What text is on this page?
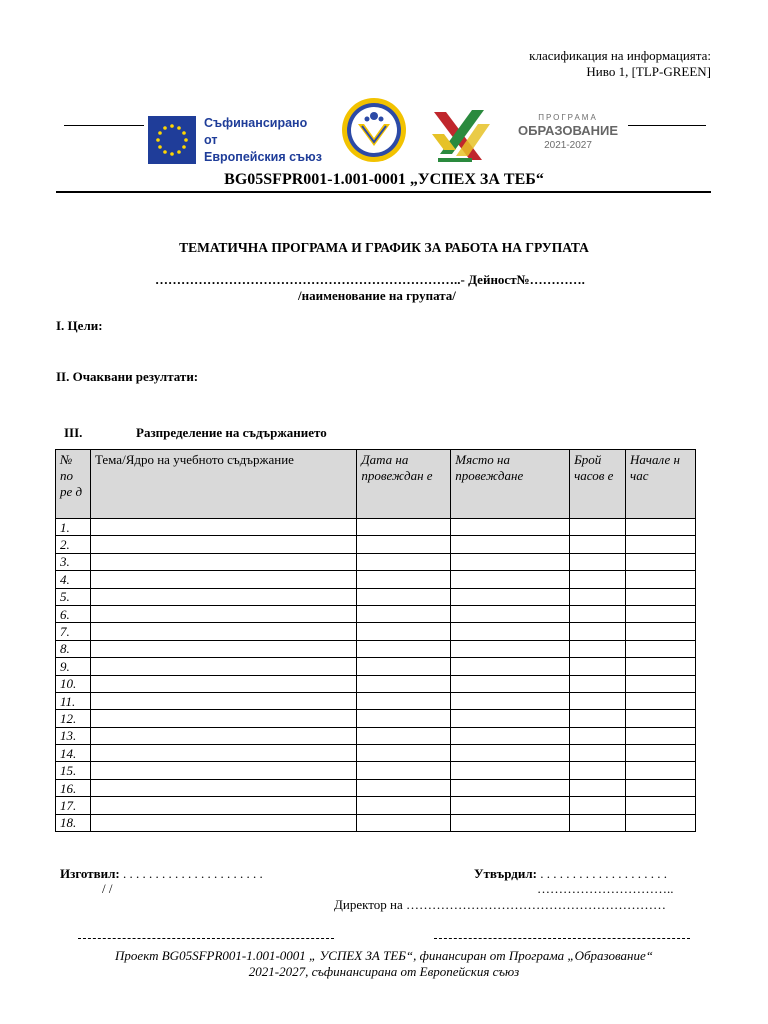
класификация на информацията:
Ниво 1, [TLP-GREEN]
Съфинансирано от
Европейския съюз
ПРОГРАМА
ОБРАЗОВАНИЕ
2021-2027
BG05SFPR001-1.001-0001 „УСПЕХ ЗА ТЕБ“
ТЕМАТИЧНА ПРОГРАМА И ГРАФИК ЗА РАБОТА НА ГРУПАТА
……………………………………………………………..- Дейност№………….
/наименование на групата/
I. Цели:
II. Очаквани резултати:
III.	Разпределение на съдържанието
№ по ре д	Тема/Ядро на учебното съдържание	Дата на провеждан е	Място на провеждане	Брой часов е	Начале н час
1.					
2.					
3.					
4.					
5.					
6.					
7.					
8.					
9.					
10.					
11.					
12.					
13.					
14.					
15.					
16.					
17.					
18.					
Изготвил: . . . . . . . . . . . . . . . . . . . . . .
/ /
Утвърдил: . . . . . . . . . . . . . . . . . . . .
…………………………..
Директор на ……………………………………………………
Проект BG05SFPR001-1.001-0001 „ УСПЕХ ЗА ТЕБ“, финансиран от Програма „Образование“
2021-2027, съфинансирана от Европейския съюз
